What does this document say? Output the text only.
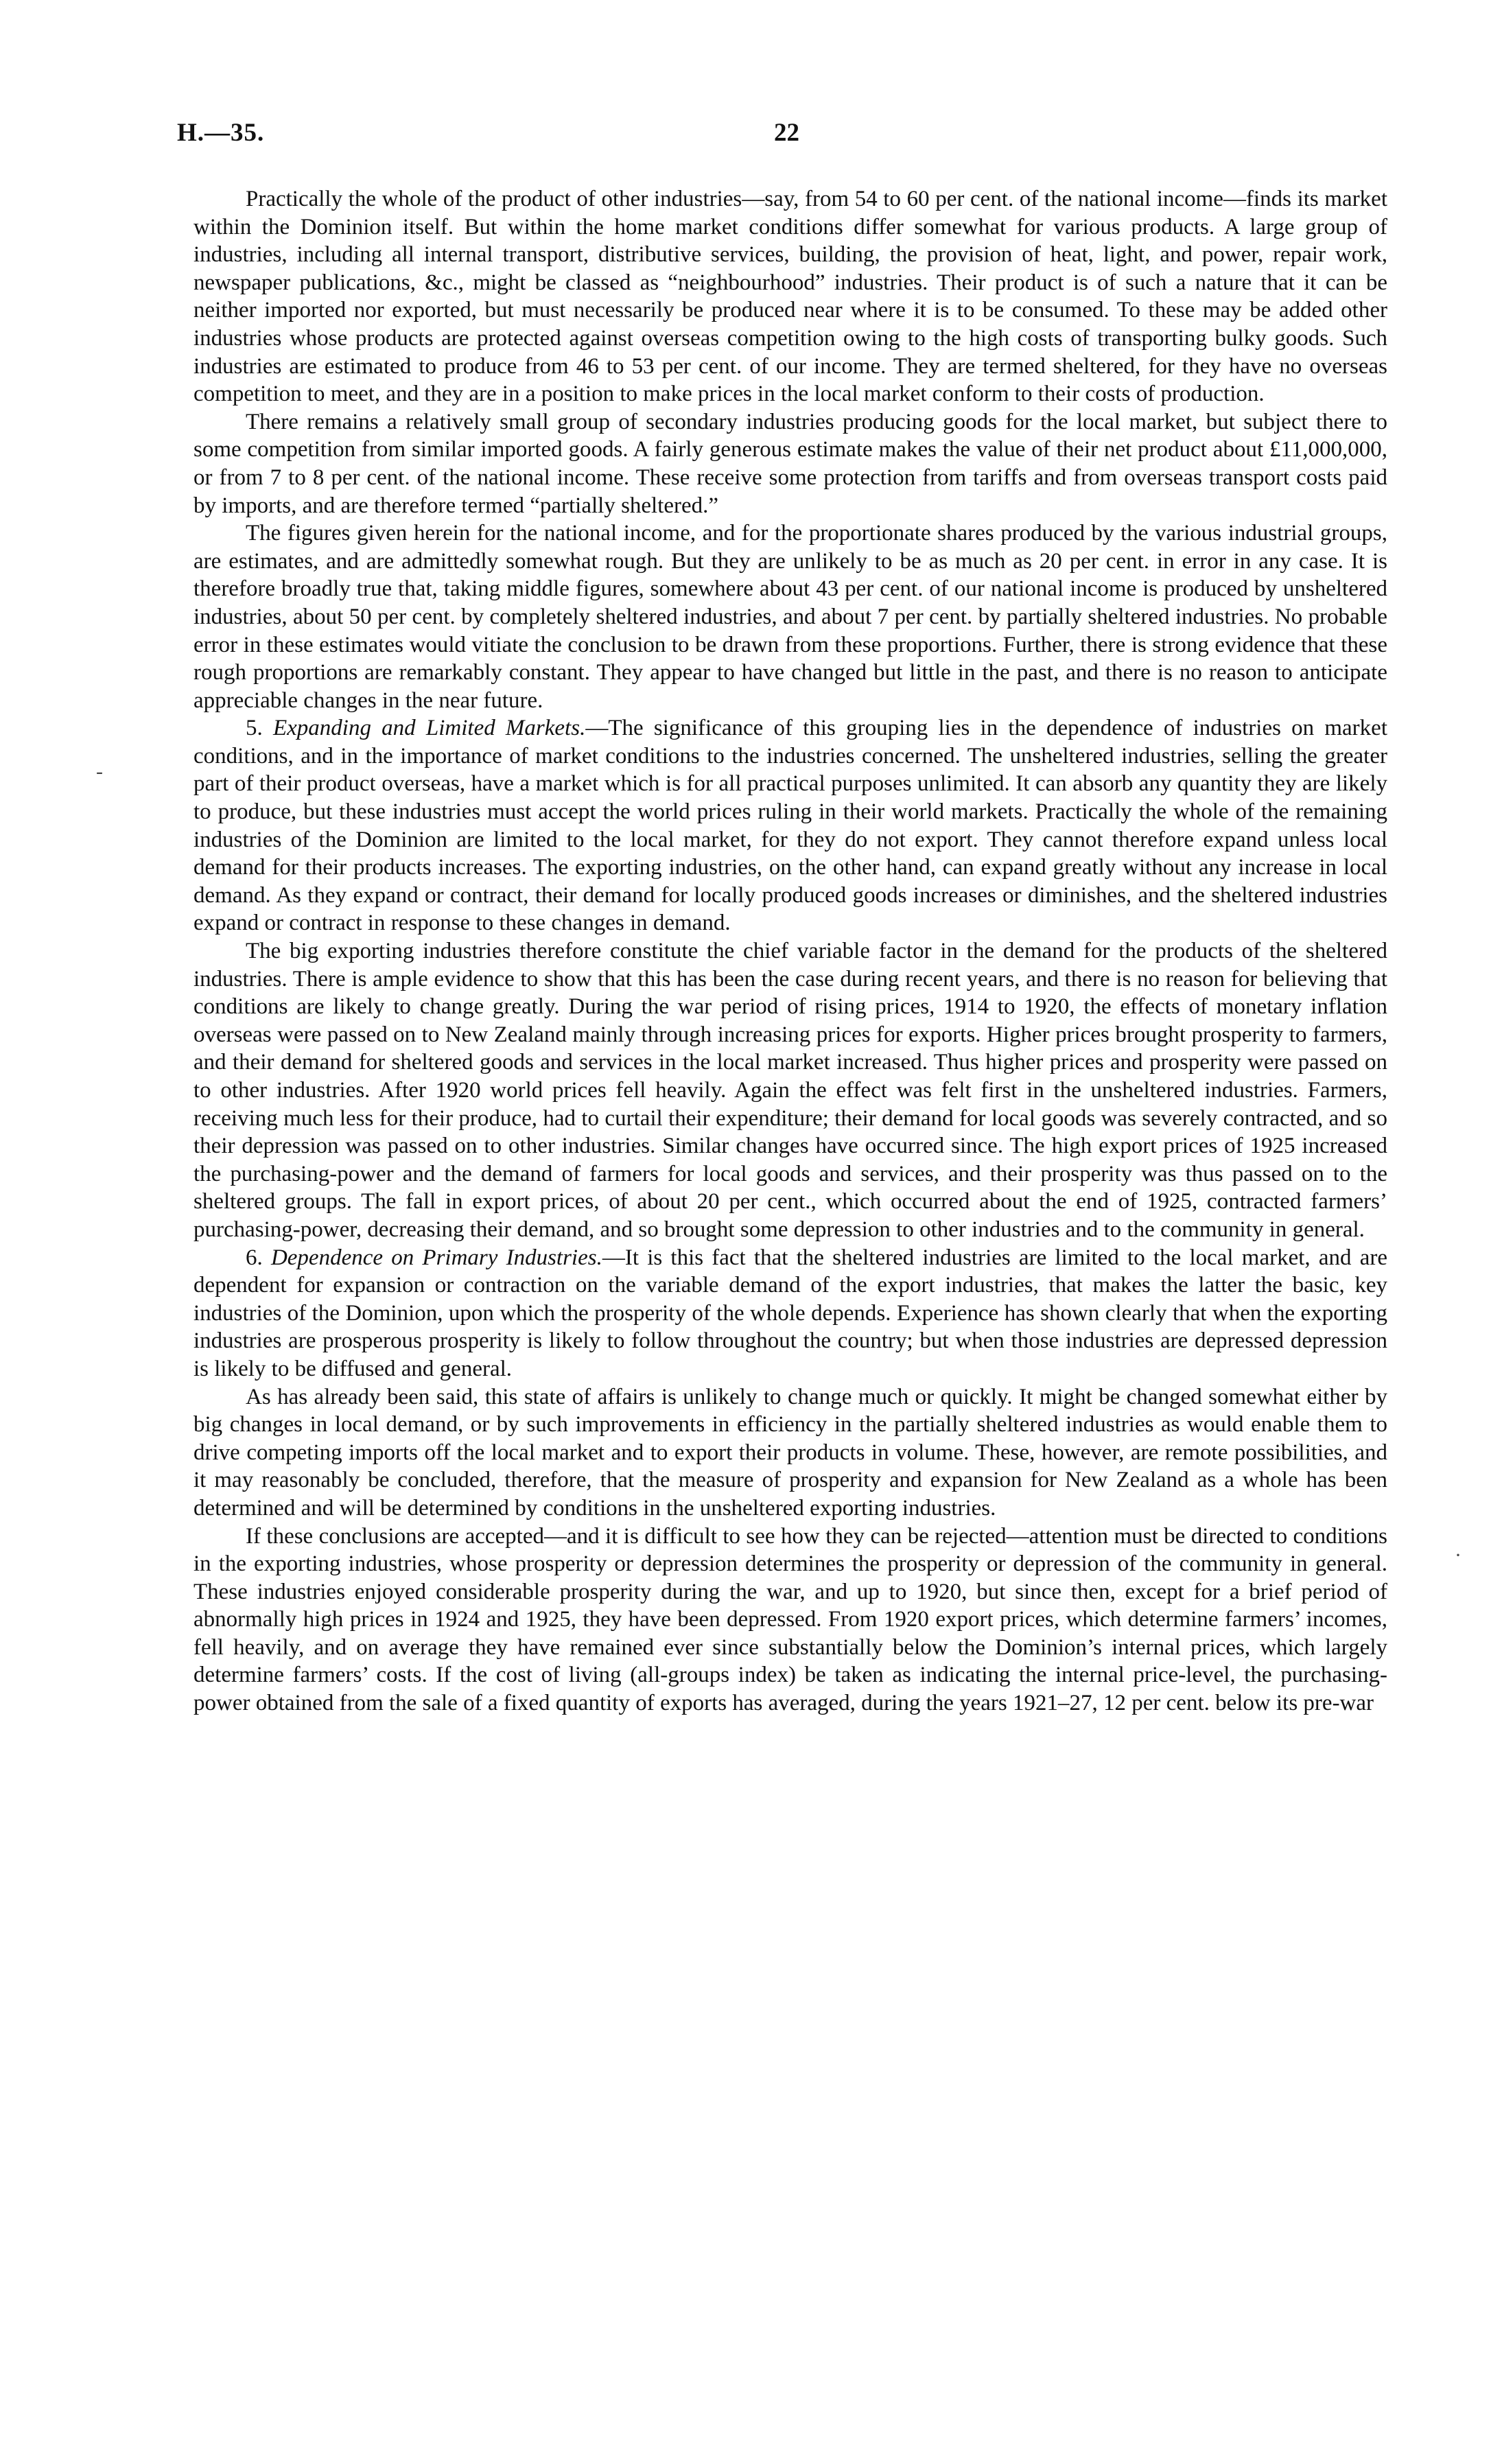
H.—35.	22
-
·

Practically the whole of the product of other industries—say, from 54 to 60 per cent. of the national income—finds its market within the Dominion itself. But within the home market conditions differ somewhat for various products. A large group of industries, including all internal transport, distributive services, building, the provision of heat, light, and power, repair work, newspaper publications, &c., might be classed as “neighbourhood” industries. Their product is of such a nature that it can be neither imported nor exported, but must necessarily be produced near where it is to be consumed. To these may be added other industries whose products are protected against overseas competition owing to the high costs of transporting bulky goods. Such industries are estimated to produce from 46 to 53 per cent. of our income. They are termed sheltered, for they have no overseas competition to meet, and they are in a position to make prices in the local market conform to their costs of production.

There remains a relatively small group of secondary industries producing goods for the local market, but subject there to some competition from similar imported goods. A fairly generous estimate makes the value of their net product about £11,000,000, or from 7 to 8 per cent. of the national income. These receive some protection from tariffs and from overseas transport costs paid by imports, and are therefore termed “partially sheltered.”

The figures given herein for the national income, and for the proportionate shares produced by the various industrial groups, are estimates, and are admittedly somewhat rough. But they are unlikely to be as much as 20 per cent. in error in any case. It is therefore broadly true that, taking middle figures, somewhere about 43 per cent. of our national income is produced by unsheltered industries, about 50 per cent. by completely sheltered industries, and about 7 per cent. by partially sheltered industries. No probable error in these estimates would vitiate the conclusion to be drawn from these proportions. Further, there is strong evidence that these rough proportions are remarkably constant. They appear to have changed but little in the past, and there is no reason to anticipate appreciable changes in the near future.

5. Expanding and Limited Markets.—The significance of this grouping lies in the dependence of industries on market conditions, and in the importance of market conditions to the industries concerned. The unsheltered industries, selling the greater part of their product overseas, have a market which is for all practical purposes unlimited. It can absorb any quantity they are likely to produce, but these industries must accept the world prices ruling in their world markets. Practically the whole of the remaining industries of the Dominion are limited to the local market, for they do not export. They cannot therefore expand unless local demand for their products increases. The exporting industries, on the other hand, can expand greatly without any increase in local demand. As they expand or contract, their demand for locally produced goods increases or diminishes, and the sheltered industries expand or contract in response to these changes in demand.

The big exporting industries therefore constitute the chief variable factor in the demand for the products of the sheltered industries. There is ample evidence to show that this has been the case during recent years, and there is no reason for believing that conditions are likely to change greatly. During the war period of rising prices, 1914 to 1920, the effects of monetary inflation overseas were passed on to New Zealand mainly through increasing prices for exports. Higher prices brought prosperity to farmers, and their demand for sheltered goods and services in the local market increased. Thus higher prices and prosperity were passed on to other industries. After 1920 world prices fell heavily. Again the effect was felt first in the unsheltered industries. Farmers, receiving much less for their produce, had to curtail their expenditure; their demand for local goods was severely contracted, and so their depression was passed on to other industries. Similar changes have occurred since. The high export prices of 1925 increased the purchasing-power and the demand of farmers for local goods and services, and their prosperity was thus passed on to the sheltered groups. The fall in export prices, of about 20 per cent., which occurred about the end of 1925, contracted farmers’ purchasing-power, decreasing their demand, and so brought some depression to other industries and to the community in general.

6. Dependence on Primary Industries.—It is this fact that the sheltered industries are limited to the local market, and are dependent for expansion or contraction on the variable demand of the export industries, that makes the latter the basic, key industries of the Dominion, upon which the prosperity of the whole depends. Experience has shown clearly that when the exporting industries are prosperous prosperity is likely to follow throughout the country; but when those industries are depressed depression is likely to be diffused and general.

As has already been said, this state of affairs is unlikely to change much or quickly. It might be changed somewhat either by big changes in local demand, or by such improvements in efficiency in the partially sheltered industries as would enable them to drive competing imports off the local market and to export their products in volume. These, however, are remote possibilities, and it may reasonably be concluded, therefore, that the measure of prosperity and expansion for New Zealand as a whole has been determined and will be determined by conditions in the unsheltered exporting industries.

If these conclusions are accepted—and it is difficult to see how they can be rejected—attention must be directed to conditions in the exporting industries, whose prosperity or depression determines the prosperity or depression of the community in general. These industries enjoyed considerable prosperity during the war, and up to 1920, but since then, except for a brief period of abnormally high prices in 1924 and 1925, they have been depressed. From 1920 export prices, which determine farmers’ incomes, fell heavily, and on average they have remained ever since substantially below the Dominion’s internal prices, which largely determine farmers’ costs. If the cost of living (all-groups index) be taken as indicating the internal price-level, the purchasing-power obtained from the sale of a fixed quantity of exports has averaged, during the years 1921–27, 12 per cent. below its pre-war
